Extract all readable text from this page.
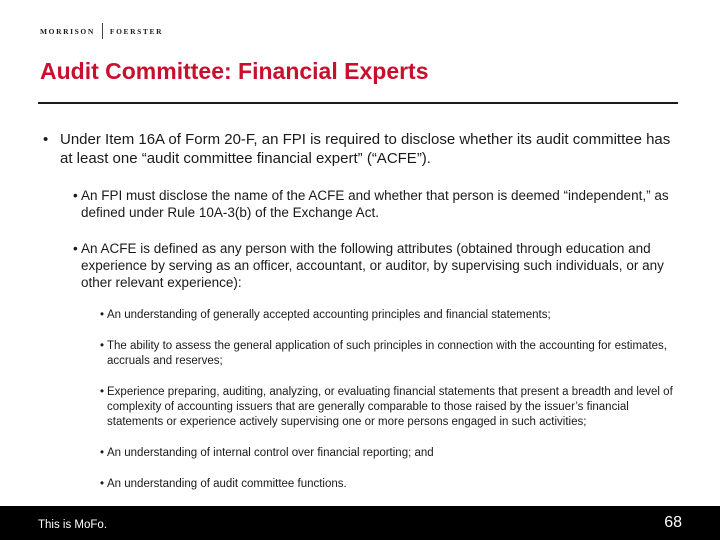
MORRISON FOERSTER
Audit Committee: Financial Experts
• Under Item 16A of Form 20-F, an FPI is required to disclose whether its audit committee has at least one “audit committee financial expert” (“ACFE”).
• An FPI must disclose the name of the ACFE and whether that person is deemed “independent,” as defined under Rule 10A-3(b) of the Exchange Act.
• An ACFE is defined as any person with the following attributes (obtained through education and experience by serving as an officer, accountant, or auditor, by supervising such individuals, or any other relevant experience):
• An understanding of generally accepted accounting principles and financial statements;
• The ability to assess the general application of such principles in connection with the accounting for estimates, accruals and reserves;
• Experience preparing, auditing, analyzing, or evaluating financial statements that present a breadth and level of complexity of accounting issuers that are generally comparable to those raised by the issuer’s financial statements or experience actively supervising one or more persons engaged in such activities;
• An understanding of internal control over financial reporting; and
• An understanding of audit committee functions.
This is MoFo.	68
